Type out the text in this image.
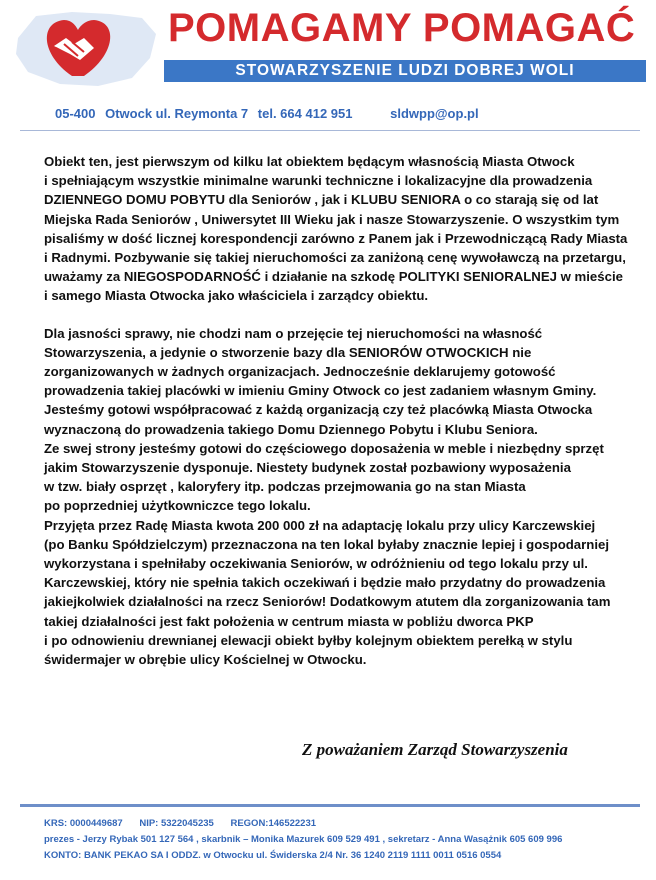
POMAGAMY POMAGAĆ
STOWARZYSZENIE LUDZI DOBREJ WOLI
05-400 Otwock ul. Reymonta 7 tel. 664 412 951	sldwpp@op.pl

Obiekt ten, jest pierwszym od kilku lat obiektem będącym własnością Miasta Otwock

i spełniającym wszystkie minimalne warunki techniczne i lokalizacyjne dla prowadzenia

DZIENNEGO DOMU POBYTU dla Seniorów , jak i KLUBU SENIORA o co starają się od lat

Miejska Rada Seniorów , Uniwersytet III Wieku jak i nasze Stowarzyszenie. O wszystkim tym

pisaliśmy w dość licznej korespondencji zarówno z Panem jak i Przewodniczącą Rady Miasta

i Radnymi. Pozbywanie się takiej nieruchomości za zaniżoną cenę wywoławczą na przetargu,

uważamy za NIEGOSPODARNOŚĆ i działanie na szkodę POLITYKI SENIORALNEJ w mieście

i samego Miasta Otwocka jako właściciela i zarządcy obiektu.

Dla jasności sprawy, nie chodzi nam o przejęcie tej nieruchomości na własność

Stowarzyszenia, a jedynie o stworzenie bazy dla SENIORÓW OTWOCKICH nie

zorganizowanych w żadnych organizacjach. Jednocześnie deklarujemy gotowość

prowadzenia takiej placówki w imieniu Gminy Otwock co jest zadaniem własnym Gminy.

Jesteśmy gotowi współpracować z każdą organizacją czy też placówką Miasta Otwocka

wyznaczoną do prowadzenia takiego Domu Dziennego Pobytu i Klubu Seniora.

Ze swej strony jesteśmy gotowi do częściowego doposażenia w meble i niezbędny sprzęt

jakim Stowarzyszenie dysponuje. Niestety budynek został pozbawiony wyposażenia

w tzw. biały osprzęt , kaloryfery itp. podczas przejmowania go na stan Miasta

po poprzedniej użytkowniczce tego lokalu.

Przyjęta przez Radę Miasta kwota 200 000 zł na adaptację lokalu przy ulicy Karczewskiej

(po Banku Spółdzielczym) przeznaczona na ten lokal byłaby znacznie lepiej i gospodarniej

wykorzystana i spełniłaby oczekiwania Seniorów, w odróżnieniu od tego lokalu przy ul.

Karczewskiej, który nie spełnia takich oczekiwań i będzie mało przydatny do prowadzenia

jakiejkolwiek działalności na rzecz Seniorów! Dodatkowym atutem dla zorganizowania tam

takiej działalności jest fakt położenia w centrum miasta w pobliżu dworca PKP

i po odnowieniu drewnianej elewacji obiekt byłby kolejnym obiektem perełką w stylu

świdermajer w obrębie ulicy Kościelnej w Otwocku.

Z poważaniem Zarząd Stowarzyszenia
KRS: 0000449687 NIP: 5322045235 REGON:146522231
prezes - Jerzy Rybak 501 127 564 , skarbnik – Monika Mazurek 609 529 491 , sekretarz - Anna Wasążnik 605 609 996
KONTO: BANK PEKAO SA I ODDZ. w Otwocku ul. Świderska 2/4 Nr. 36 1240 2119 1111 0011 0516 0554
